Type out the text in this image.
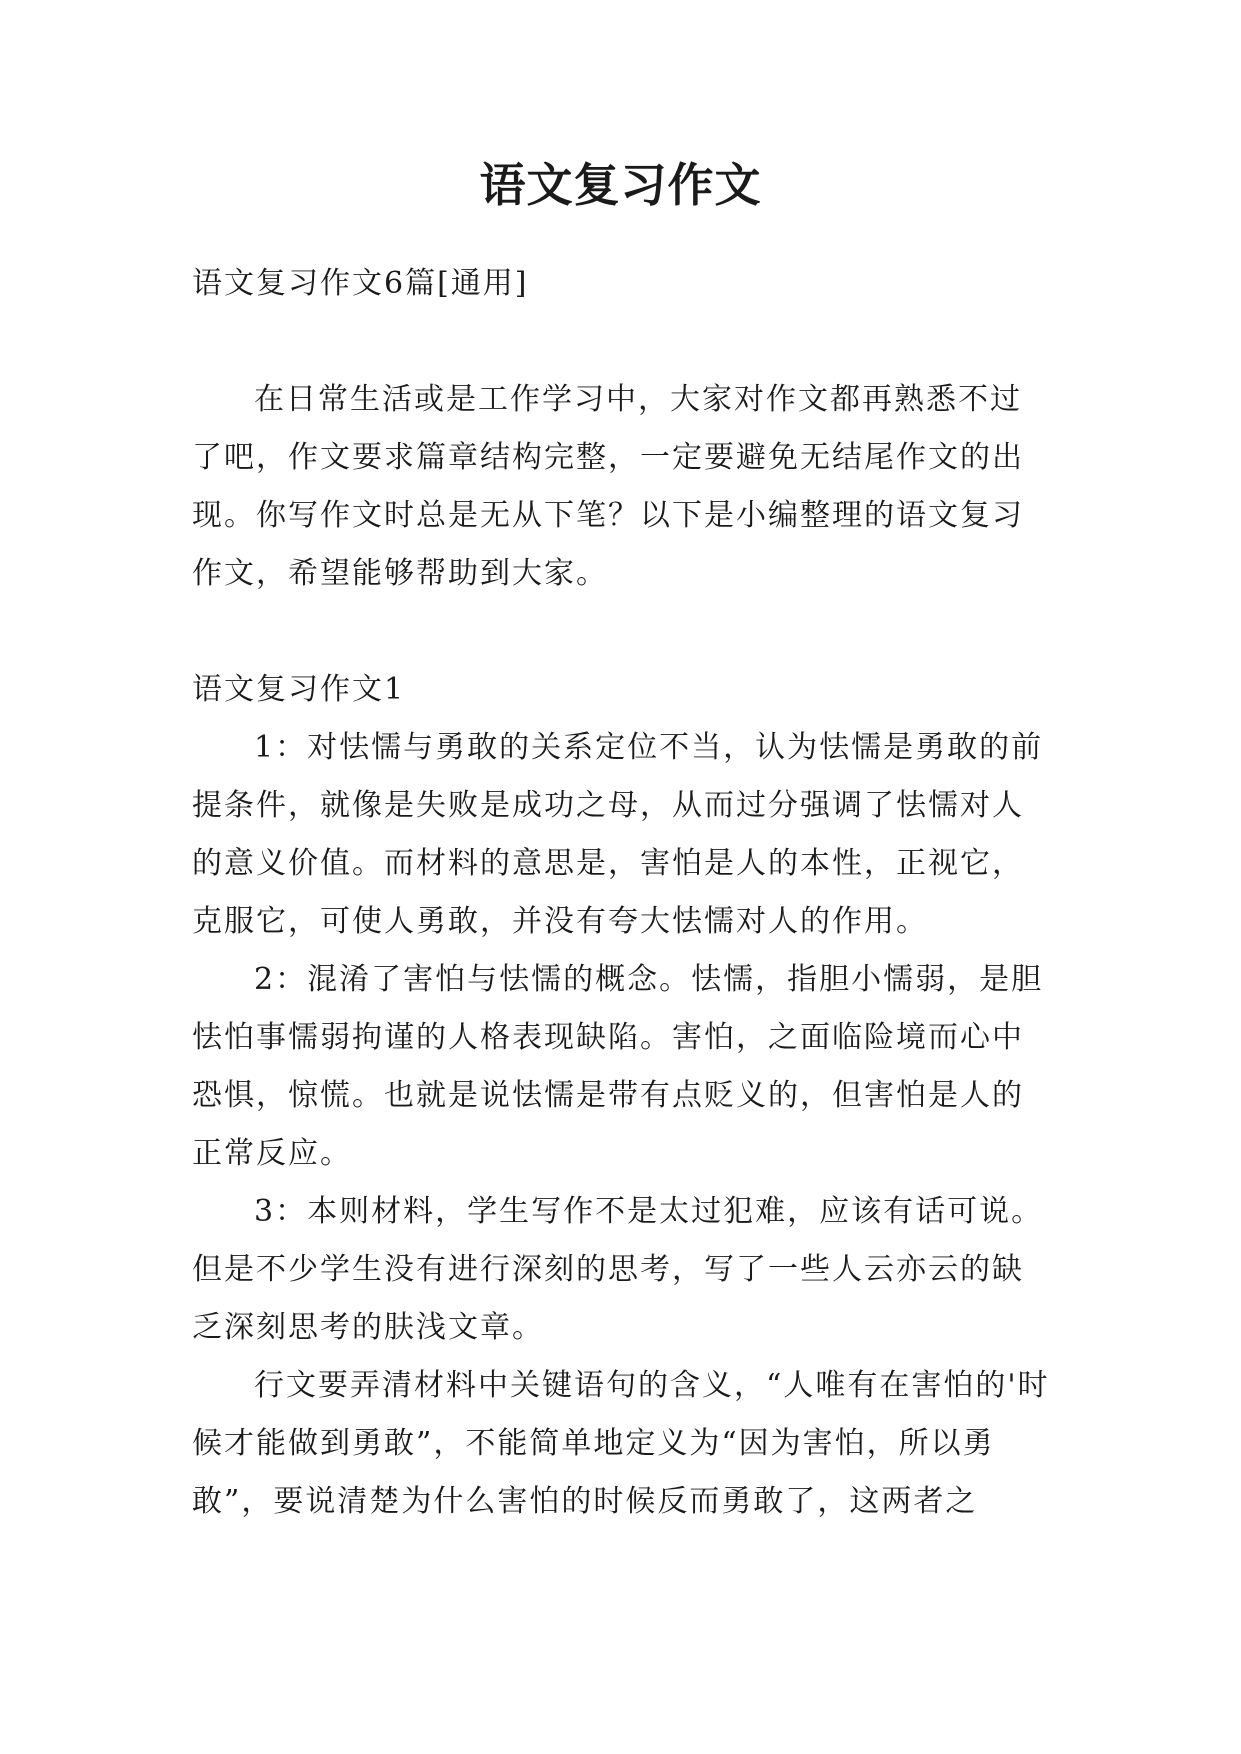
语文复习作文

语文复习作文6篇[通用]

在日常生活或是工作学习中，大家对作文都再熟悉不过了吧，作文要求篇章结构完整，一定要避免无结尾作文的出现。你写作文时总是无从下笔？以下是小编整理的语文复习作文，希望能够帮助到大家。

语文复习作文1

1：对怯懦与勇敢的关系定位不当，认为怯懦是勇敢的前提条件，就像是失败是成功之母，从而过分强调了怯懦对人的意义价值。而材料的意思是，害怕是人的本性，正视它，克服它，可使人勇敢，并没有夸大怯懦对人的作用。

2：混淆了害怕与怯懦的概念。怯懦，指胆小懦弱，是胆怯怕事懦弱拘谨的人格表现缺陷。害怕，之面临险境而心中恐惧，惊慌。也就是说怯懦是带有点贬义的，但害怕是人的正常反应。

3：本则材料，学生写作不是太过犯难，应该有话可说。但是不少学生没有进行深刻的思考，写了一些人云亦云的缺乏深刻思考的肤浅文章。

行文要弄清材料中关键语句的含义，“人唯有在害怕的'时候才能做到勇敢”，不能简单地定义为“因为害怕，所以勇敢”，要说清楚为什么害怕的时候反而勇敢了，这两者之
